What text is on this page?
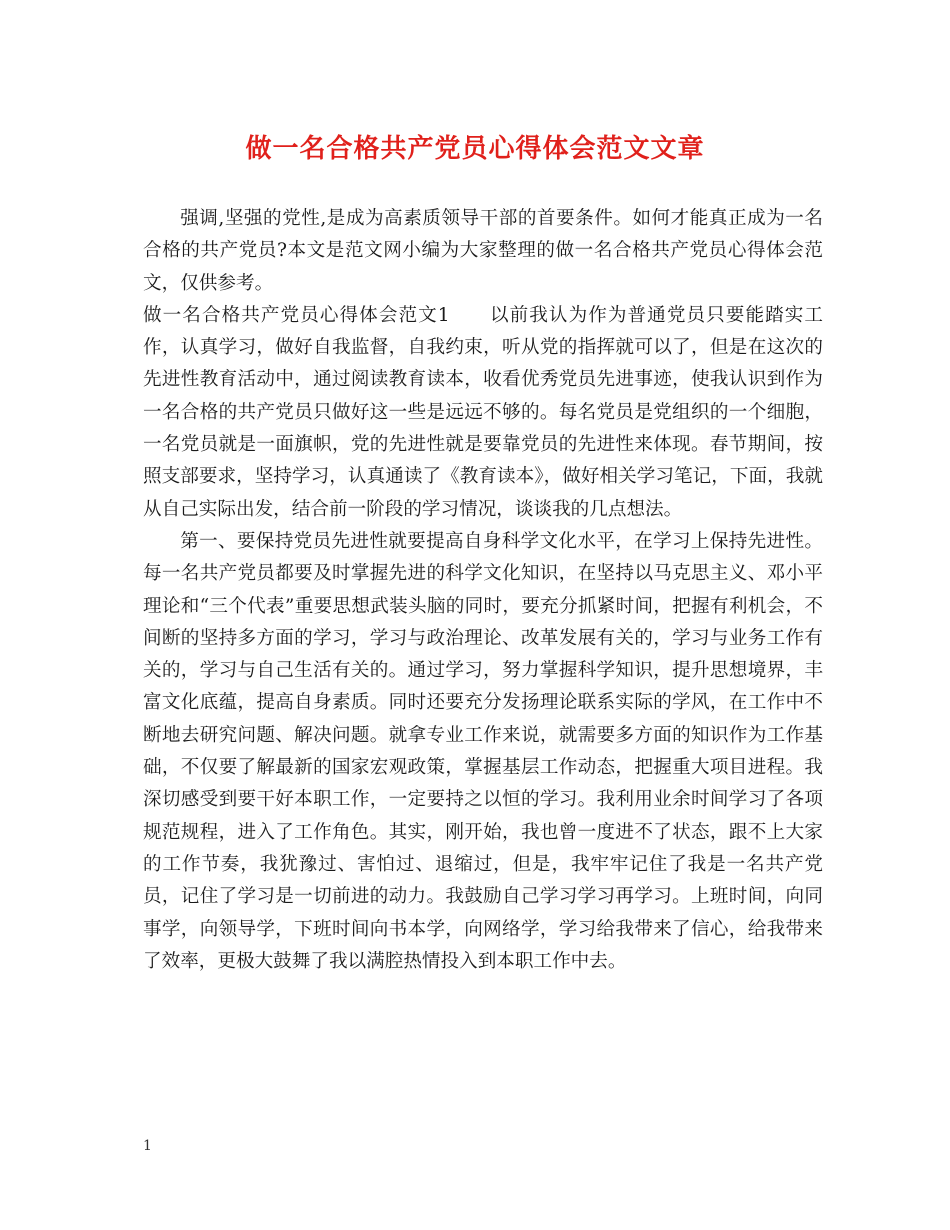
做一名合格共产党员心得体会范文文章

强调,坚强的党性,是成为高素质领导干部的首要条件。如何才能真正成为一名合格的共产党员?本文是范文网小编为大家整理的做一名合格共产党员心得体会范文，仅供参考。

做一名合格共产党员心得体会范文1　　以前我认为作为普通党员只要能踏实工作，认真学习，做好自我监督，自我约束，听从党的指挥就可以了，但是在这次的先进性教育活动中，通过阅读教育读本，收看优秀党员先进事迹，使我认识到作为一名合格的共产党员只做好这一些是远远不够的。每名党员是党组织的一个细胞，一名党员就是一面旗帜，党的先进性就是要靠党员的先进性来体现。春节期间，按照支部要求，坚持学习，认真通读了《教育读本》，做好相关学习笔记，下面，我就从自己实际出发，结合前一阶段的学习情况，谈谈我的几点想法。

第一、要保持党员先进性就要提高自身科学文化水平，在学习上保持先进性。每一名共产党员都要及时掌握先进的科学文化知识，在坚持以马克思主义、邓小平理论和“三个代表”重要思想武装头脑的同时，要充分抓紧时间，把握有利机会，不间断的坚持多方面的学习，学习与政治理论、改革发展有关的，学习与业务工作有关的，学习与自己生活有关的。通过学习，努力掌握科学知识，提升思想境界，丰富文化底蕴，提高自身素质。同时还要充分发扬理论联系实际的学风，在工作中不断地去研究问题、解决问题。就拿专业工作来说，就需要多方面的知识作为工作基础，不仅要了解最新的国家宏观政策，掌握基层工作动态，把握重大项目进程。我深切感受到要干好本职工作，一定要持之以恒的学习。我利用业余时间学习了各项规范规程，进入了工作角色。其实，刚开始，我也曾一度进不了状态，跟不上大家的工作节奏，我犹豫过、害怕过、退缩过，但是，我牢牢记住了我是一名共产党员，记住了学习是一切前进的动力。我鼓励自己学习学习再学习。上班时间，向同事学，向领导学，下班时间向书本学，向网络学，学习给我带来了信心，给我带来了效率，更极大鼓舞了我以满腔热情投入到本职工作中去。

1
